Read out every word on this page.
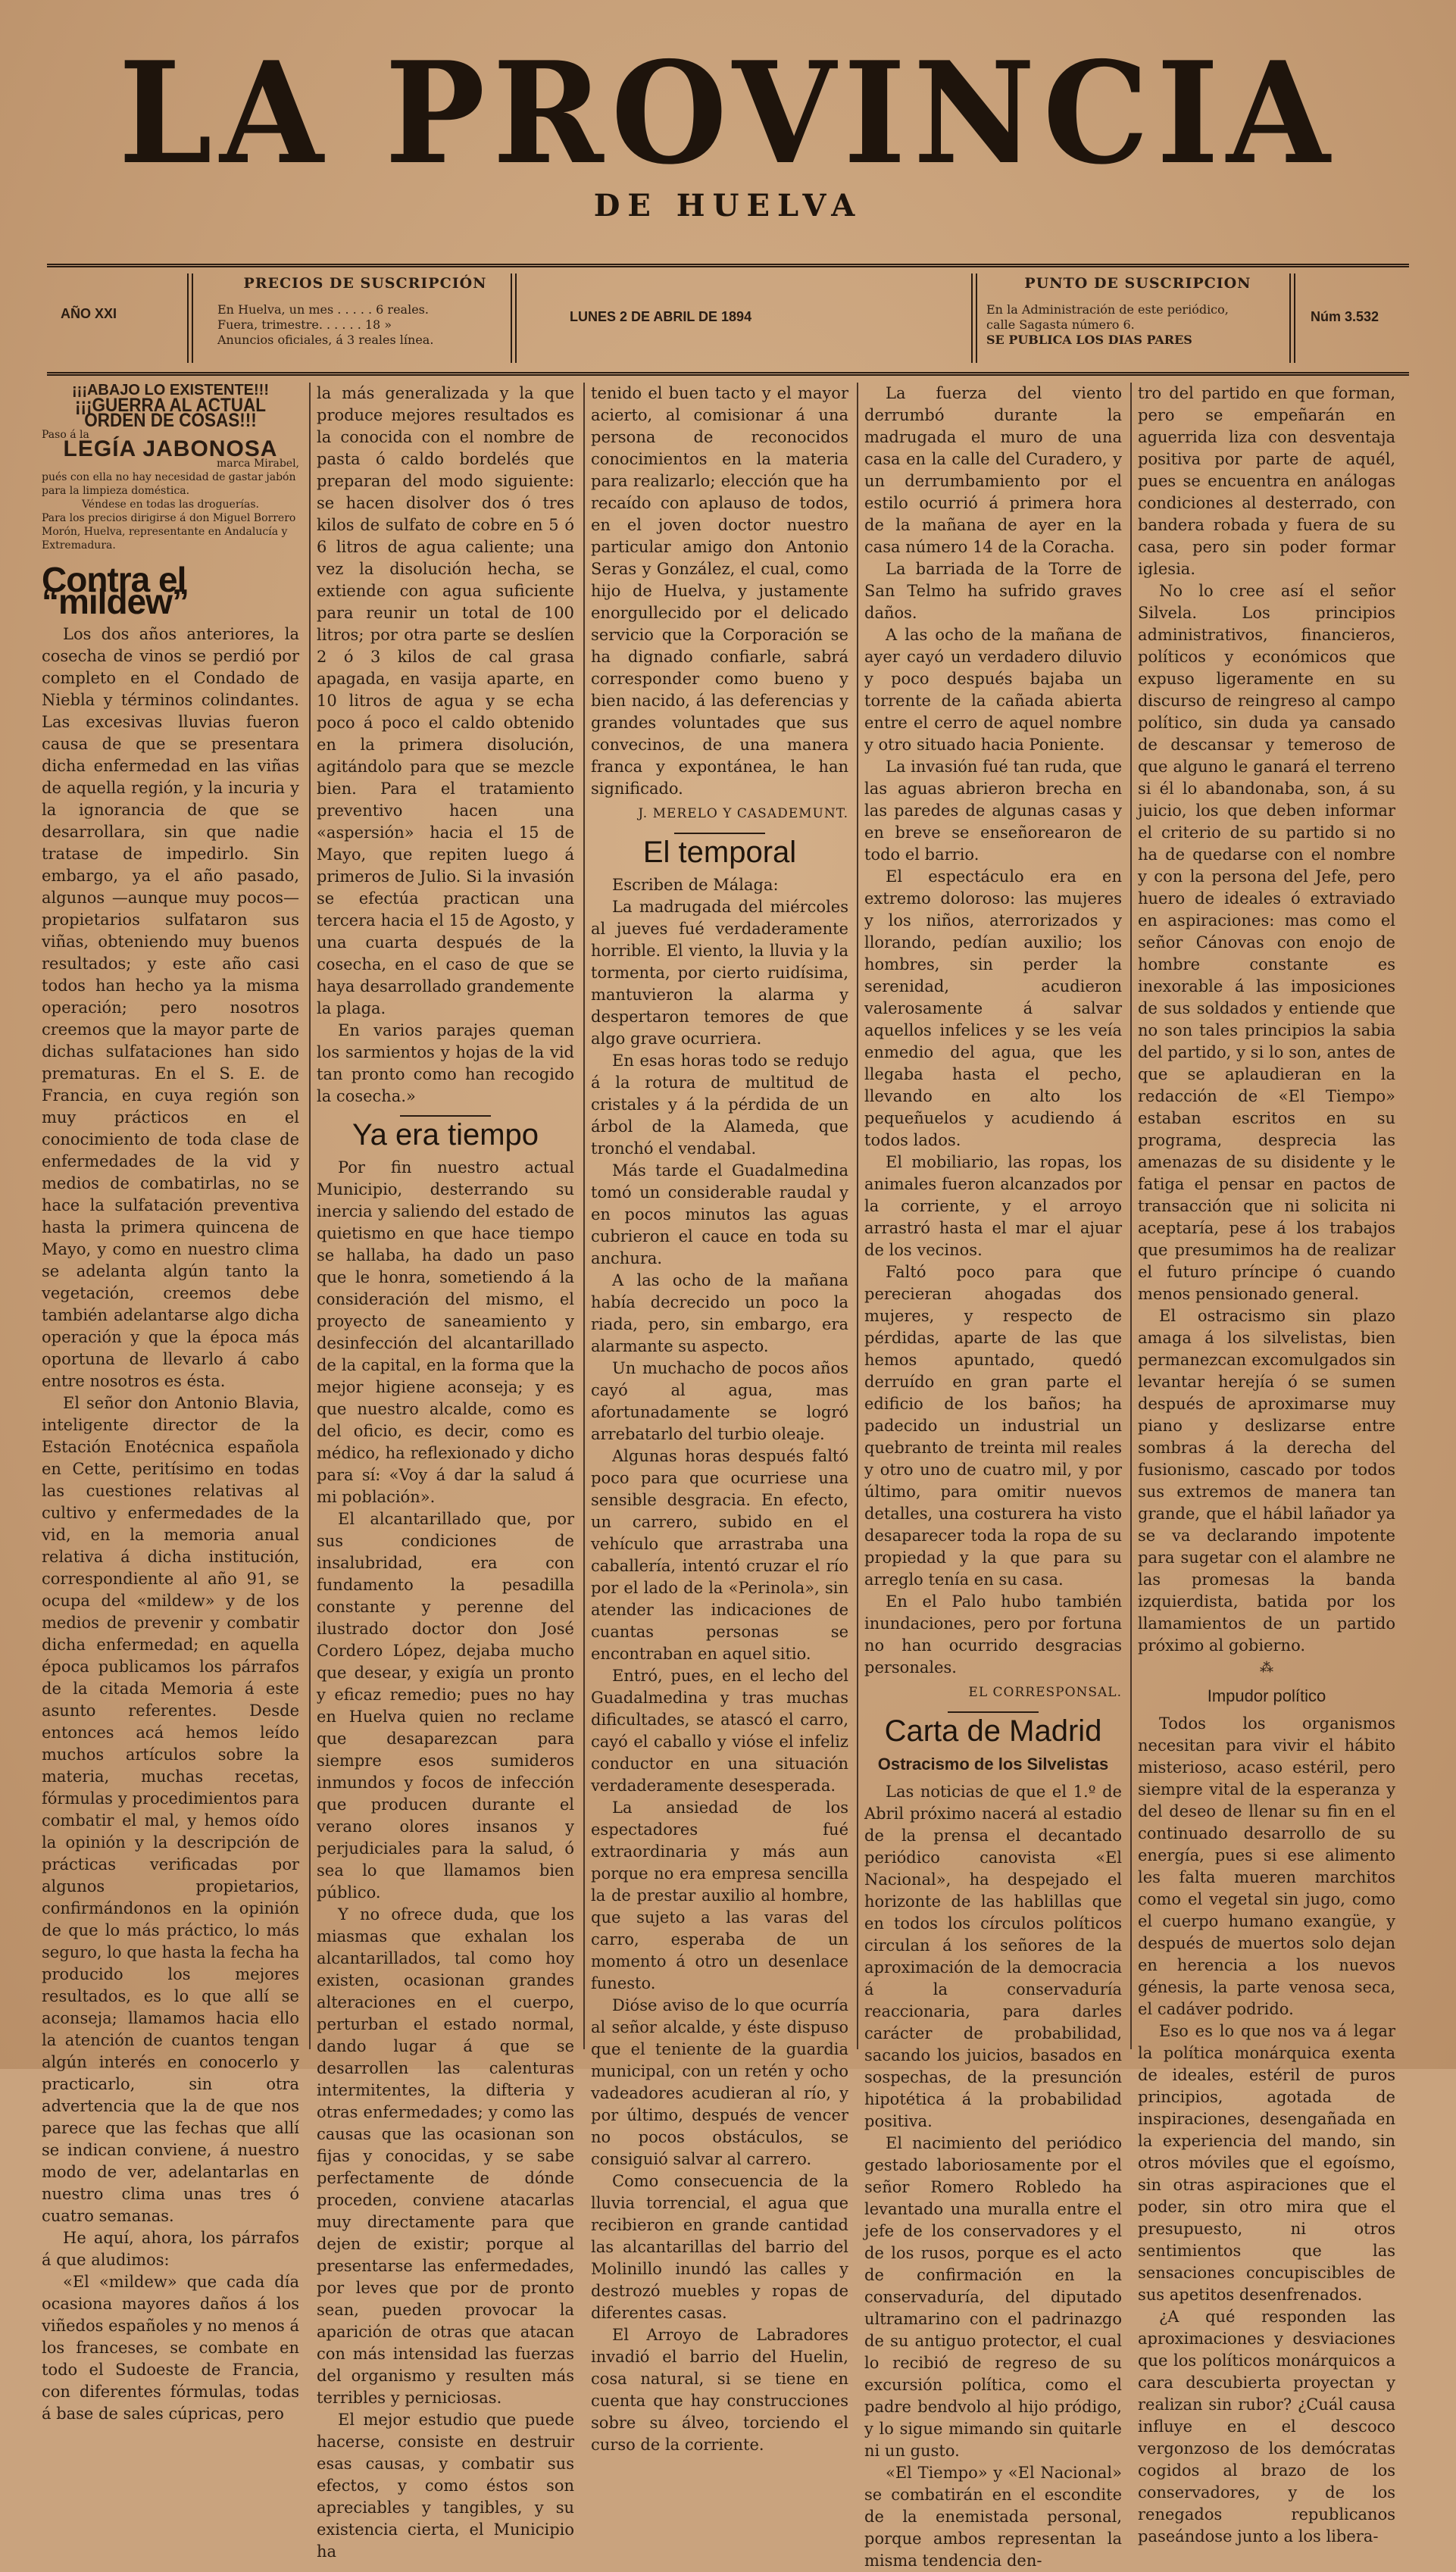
LA PROVINCIA
DE HUELVA
AÑO XXI
PRECIOS DE SUSCRIPCIÓN
En Huelva, un mes . . . . . 6 reales.
Fuera, trimestre. . . . . . 18 »
Anuncios oficiales, á 3 reales línea.
LUNES 2 DE ABRIL DE 1894
PUNTO DE SUSCRIPCION
En la Administración de este periódico,
calle Sagasta número 6.
SE PUBLICA LOS DIAS PARES
Núm 3.532
¡¡¡ABAJO LO EXISTENTE!!!
¡¡¡GUERRA AL ACTUAL ORDEN DE COSAS!!!
Paso á la
LEGÍA JABONOSA
marca Mirabel,
pués con ella no hay necesidad de gastar jabón para la limpieza doméstica.
Véndese en todas las droguerías.
Para los precios dirigirse á don Miguel Borrero Morón, Huelva, representante en Andalucía y Extremadura.
Contra el “mildew”

Los dos años anteriores, la cosecha de vinos se perdió por completo en el Condado de Niebla y términos colindantes. Las excesivas lluvias fueron causa de que se presentara dicha enfermedad en las viñas de aquella región, y la incuria y la ignorancia de que se desarrollara, sin que nadie tratase de impedirlo. Sin embargo, ya el año pasado, algunos —aunque muy pocos—propietarios sulfataron sus viñas, obteniendo muy buenos resultados; y este año casi todos han hecho ya la misma operación; pero nosotros creemos que la mayor parte de dichas sulfataciones han sido prematuras. En el S. E. de Francia, en cuya región son muy prácticos en el conocimiento de toda clase de enfermedades de la vid y medios de combatirlas, no se hace la sulfatación preventiva hasta la primera quincena de Mayo, y como en nuestro clima se adelanta algún tanto la vegetación, creemos debe también adelantarse algo dicha operación y que la época más oportuna de llevarlo á cabo entre nosotros es ésta.

El señor don Antonio Blavia, inteligente director de la Estación Enotécnica española en Cette, peritísimo en todas las cuestiones relativas al cultivo y enfermedades de la vid, en la memoria anual relativa á dicha institución, correspondiente al año 91, se ocupa del «mildew» y de los medios de prevenir y combatir dicha enfermedad; en aquella época publicamos los párrafos de la citada Memoria á este asunto referentes. Desde entonces acá hemos leído muchos artículos sobre la materia, muchas recetas, fórmulas y procedimientos para combatir el mal, y hemos oído la opinión y la descripción de prácticas verificadas por algunos propietarios, confirmándonos en la opinión de que lo más práctico, lo más seguro, lo que hasta la fecha ha producido los mejores resultados, es lo que allí se aconseja; llamamos hacia ello la atención de cuantos tengan algún interés en conocerlo y practicarlo, sin otra advertencia que la de que nos parece que las fechas que allí se indican conviene, á nuestro modo de ver, adelantarlas en nuestro clima unas tres ó cuatro semanas.

He aquí, ahora, los párrafos á que aludimos:

«El «mildew» que cada día ocasiona mayores daños á los viñedos españoles y no menos á los franceses, se combate en todo el Sudoeste de Francia, con diferentes fórmulas, todas á base de sales cúpricas, pero

la más generalizada y la que produce mejores resultados es la conocida con el nombre de pasta ó caldo bordelés que preparan del modo siguiente: se hacen disolver dos ó tres kilos de sulfato de cobre en 5 ó 6 litros de agua caliente; una vez la disolución hecha, se extiende con agua suficiente para reunir un total de 100 litros; por otra parte se deslíen 2 ó 3 kilos de cal grasa apagada, en vasija aparte, en 10 litros de agua y se echa poco á poco el caldo obtenido en la primera disolución, agitándolo para que se mezcle bien. Para el tratamiento preventivo hacen una «aspersión» hacia el 15 de Mayo, que repiten luego á primeros de Julio. Si la invasión se efectúa practican una tercera hacia el 15 de Agosto, y una cuarta después de la cosecha, en el caso de que se haya desarrollado grandemente la plaga.

En varios parajes queman los sarmientos y hojas de la vid tan pronto como han recogido la cosecha.»

Ya era tiempo

Por fin nuestro actual Municipio, desterrando su inercia y saliendo del estado de quietismo en que hace tiempo se hallaba, ha dado un paso que le honra, sometiendo á la consideración del mismo, el proyecto de saneamiento y desinfección del alcantarillado de la capital, en la forma que la mejor higiene aconseja; y es que nuestro alcalde, como es del oficio, es decir, como es médico, ha reflexionado y dicho para sí: «Voy á dar la salud á mi población».

El alcantarillado que, por sus condiciones de insalubridad, era con fundamento la pesadilla constante y perenne del ilustrado doctor don José Cordero López, dejaba mucho que desear, y exigía un pronto y eficaz remedio; pues no hay en Huelva quien no reclame que desaparezcan para siempre esos sumideros inmundos y focos de infección que producen durante el verano olores insanos y perjudiciales para la salud, ó sea lo que llamamos bien público.

Y no ofrece duda, que los miasmas que exhalan los alcantarillados, tal como hoy existen, ocasionan grandes alteraciones en el cuerpo, perturban el estado normal, dando lugar á que se desarrollen las calenturas intermitentes, la difteria y otras enfermedades; y como las causas que las ocasionan son fijas y conocidas, y se sabe perfectamente de dónde proceden, conviene atacarlas muy directamente para que dejen de existir; porque al presentarse las enfermedades, por leves que por de pronto sean, pueden provocar la aparición de otras que atacan con más intensidad las fuerzas del organismo y resulten más terribles y perniciosas.

El mejor estudio que puede hacerse, consiste en destruir esas causas, y combatir sus efectos, y como éstos son apreciables y tangibles, y su existencia cierta, el Municipio ha

tenido el buen tacto y el mayor acierto, al comisionar á una persona de reconocidos conocimientos en la materia para realizarlo; elección que ha recaído con aplauso de todos, en el joven doctor nuestro particular amigo don Antonio Seras y González, el cual, como hijo de Huelva, y justamente enorgullecido por el delicado servicio que la Corporación se ha dignado confiarle, sabrá corresponder como bueno y bien nacido, á las deferencias y grandes voluntades que sus convecinos, de una manera franca y expontánea, le han significado.

J. MERELO Y CASADEMUNT.
El temporal

Escriben de Málaga:

La madrugada del miércoles al jueves fué verdaderamente horrible. El viento, la lluvia y la tormenta, por cierto ruidísima, mantuvieron la alarma y despertaron temores de que algo grave ocurriera.

En esas horas todo se redujo á la rotura de multitud de cristales y á la pérdida de un árbol de la Alameda, que tronchó el vendabal.

Más tarde el Guadalmedina tomó un considerable raudal y en pocos minutos las aguas cubrieron el cauce en toda su anchura.

A las ocho de la mañana había decrecido un poco la riada, pero, sin embargo, era alarmante su aspecto.

Un muchacho de pocos años cayó al agua, mas afortunadamente se logró arrebatarlo del turbio oleaje.

Algunas horas después faltó poco para que ocurriese una sensible desgracia. En efecto, un carrero, subido en el vehículo que arrastraba una caballería, intentó cruzar el río por el lado de la «Perinola», sin atender las indicaciones de cuantas personas se encontraban en aquel sitio.

Entró, pues, en el lecho del Guadalmedina y tras muchas dificultades, se atascó el carro, cayó el caballo y vióse el infeliz conductor en una situación verdaderamente desesperada.

La ansiedad de los espectadores fué extraordinaria y más aun porque no era empresa sencilla la de prestar auxilio al hombre, que sujeto a las varas del carro, esperaba de un momento á otro un desenlace funesto.

Dióse aviso de lo que ocurría al señor alcalde, y éste dispuso que el teniente de la guardia municipal, con un retén y ocho vadeadores acudieran al río, y por último, después de vencer no pocos obstáculos, se consiguió salvar al carrero.

Como consecuencia de la lluvia torrencial, el agua que recibieron en grande cantidad las alcantarillas del barrio del Molinillo inundó las calles y destrozó muebles y ropas de diferentes casas.

El Arroyo de Labradores invadió el barrio del Huelin, cosa natural, si se tiene en cuenta que hay construcciones sobre su álveo, torciendo el curso de la corriente.

La fuerza del viento derrumbó durante la madrugada el muro de una casa en la calle del Curadero, y un derrumbamiento por el estilo ocurrió á primera hora de la mañana de ayer en la casa número 14 de la Coracha.

La barriada de la Torre de San Telmo ha sufrido graves daños.

A las ocho de la mañana de ayer cayó un verdadero diluvio y poco después bajaba un torrente de la cañada abierta entre el cerro de aquel nombre y otro situado hacia Poniente.

La invasión fué tan ruda, que las aguas abrieron brecha en las paredes de algunas casas y en breve se enseñorearon de todo el barrio.

El espectáculo era en extremo doloroso: las mujeres y los niños, aterrorizados y llorando, pedían auxilio; los hombres, sin perder la serenidad, acudieron valerosamente á salvar aquellos infelices y se les veía enmedio del agua, que les llegaba hasta el pecho, llevando en alto los pequeñuelos y acudiendo á todos lados.

El mobiliario, las ropas, los animales fueron alcanzados por la corriente, y el arroyo arrastró hasta el mar el ajuar de los vecinos.

Faltó poco para que perecieran ahogadas dos mujeres, y respecto de pérdidas, aparte de las que hemos apuntado, quedó derruído en gran parte el edificio de los baños; ha padecido un industrial un quebranto de treinta mil reales y otro uno de cuatro mil, y por último, para omitir nuevos detalles, una costurera ha visto desaparecer toda la ropa de su propiedad y la que para su arreglo tenía en su casa.

En el Palo hubo también inundaciones, pero por fortuna no han ocurrido desgracias personales.

EL CORRESPONSAL.
Carta de Madrid
Ostracismo de los Silvelistas

Las noticias de que el 1.º de Abril próximo nacerá al estadio de la prensa el decantado periódico canovista «El Nacional», ha despejado el horizonte de las hablillas que en todos los círculos políticos circulan á los señores de la aproximación de la democracia á la conservaduría reaccionaria, para darles carácter de probabilidad, sacando los juicios, basados en sospechas, de la presunción hipotética á la probabilidad positiva.

El nacimiento del periódico gestado laboriosamente por el señor Romero Robledo ha levantado una muralla entre el jefe de los conservadores y el de los rusos, porque es el acto de confirmación en la conservaduría, del diputado ultramarino con el padrinazgo de su antiguo protector, el cual lo recibió de regreso de su excursión política, como el padre bendvolo al hijo pródigo, y lo sigue mimando sin quitarle ni un gusto.

«El Tiempo» y «El Nacional» se combatirán en el escondite de la enemistada personal, porque ambos representan la misma tendencia den-

tro del partido en que forman, pero se empeñarán en aguerrida liza con desventaja positiva por parte de aquél, pues se encuentra en análogas condiciones al desterrado, con bandera robada y fuera de su casa, pero sin poder formar iglesia.

No lo cree así el señor Silvela. Los principios administrativos, financieros, políticos y económicos que expuso ligeramente en su discurso de reingreso al campo político, sin duda ya cansado de descansar y temeroso de que alguno le ganará el terreno si él lo abandonaba, son, á su juicio, los que deben informar el criterio de su partido si no ha de quedarse con el nombre y con la persona del Jefe, pero huero de ideales ó extraviado en aspiraciones: mas como el señor Cánovas con enojo de hombre constante es inexorable á las imposiciones de sus soldados y entiende que no son tales principios la sabia del partido, y si lo son, antes de que se aplaudieran en la redacción de «El Tiempo» estaban escritos en su programa, desprecia las amenazas de su disidente y le fatiga el pensar en pactos de transacción que ni solicita ni aceptaría, pese á los trabajos que presumimos ha de realizar el futuro príncipe ó cuando menos pensionado general.

El ostracismo sin plazo amaga á los silvelistas, bien permanezcan excomulgados sin levantar herejía ó se sumen después de aproximarse muy piano y deslizarse entre sombras á la derecha del fusionismo, cascado por todos sus extremos de manera tan grande, que el hábil lañador ya se va declarando impotente para sugetar con el alambre ne las promesas la banda izquierdista, batida por los llamamientos de un partido próximo al gobierno.

⁂
Impudor político

Todos los organismos necesitan para vivir el hábito misterioso, acaso estéril, pero siempre vital de la esperanza y del deseo de llenar su fin en el continuado desarrollo de su energía, pues si ese alimento les falta mueren marchitos como el vegetal sin jugo, como el cuerpo humano exangüe, y después de muertos solo dejan en herencia a los nuevos génesis, la parte venosa seca, el cadáver podrido.

Eso es lo que nos va á legar la política monárquica exenta de ideales, estéril de puros principios, agotada de inspiraciones, desengañada en la experiencia del mando, sin otros móviles que el egoísmo, sin otras aspiraciones que el poder, sin otro mira que el presupuesto, ni otros sentimientos que las sensaciones concupiscibles de sus apetitos desenfrenados.

¿A qué responden las aproximaciones y desviaciones que los políticos monárquicos a cara descubierta proyectan y realizan sin rubor? ¿Cuál causa influye en el descoco vergonzoso de los demócratas cogidos al brazo de los conservadores, y de los renegados republicanos paseándose junto a los libera-
